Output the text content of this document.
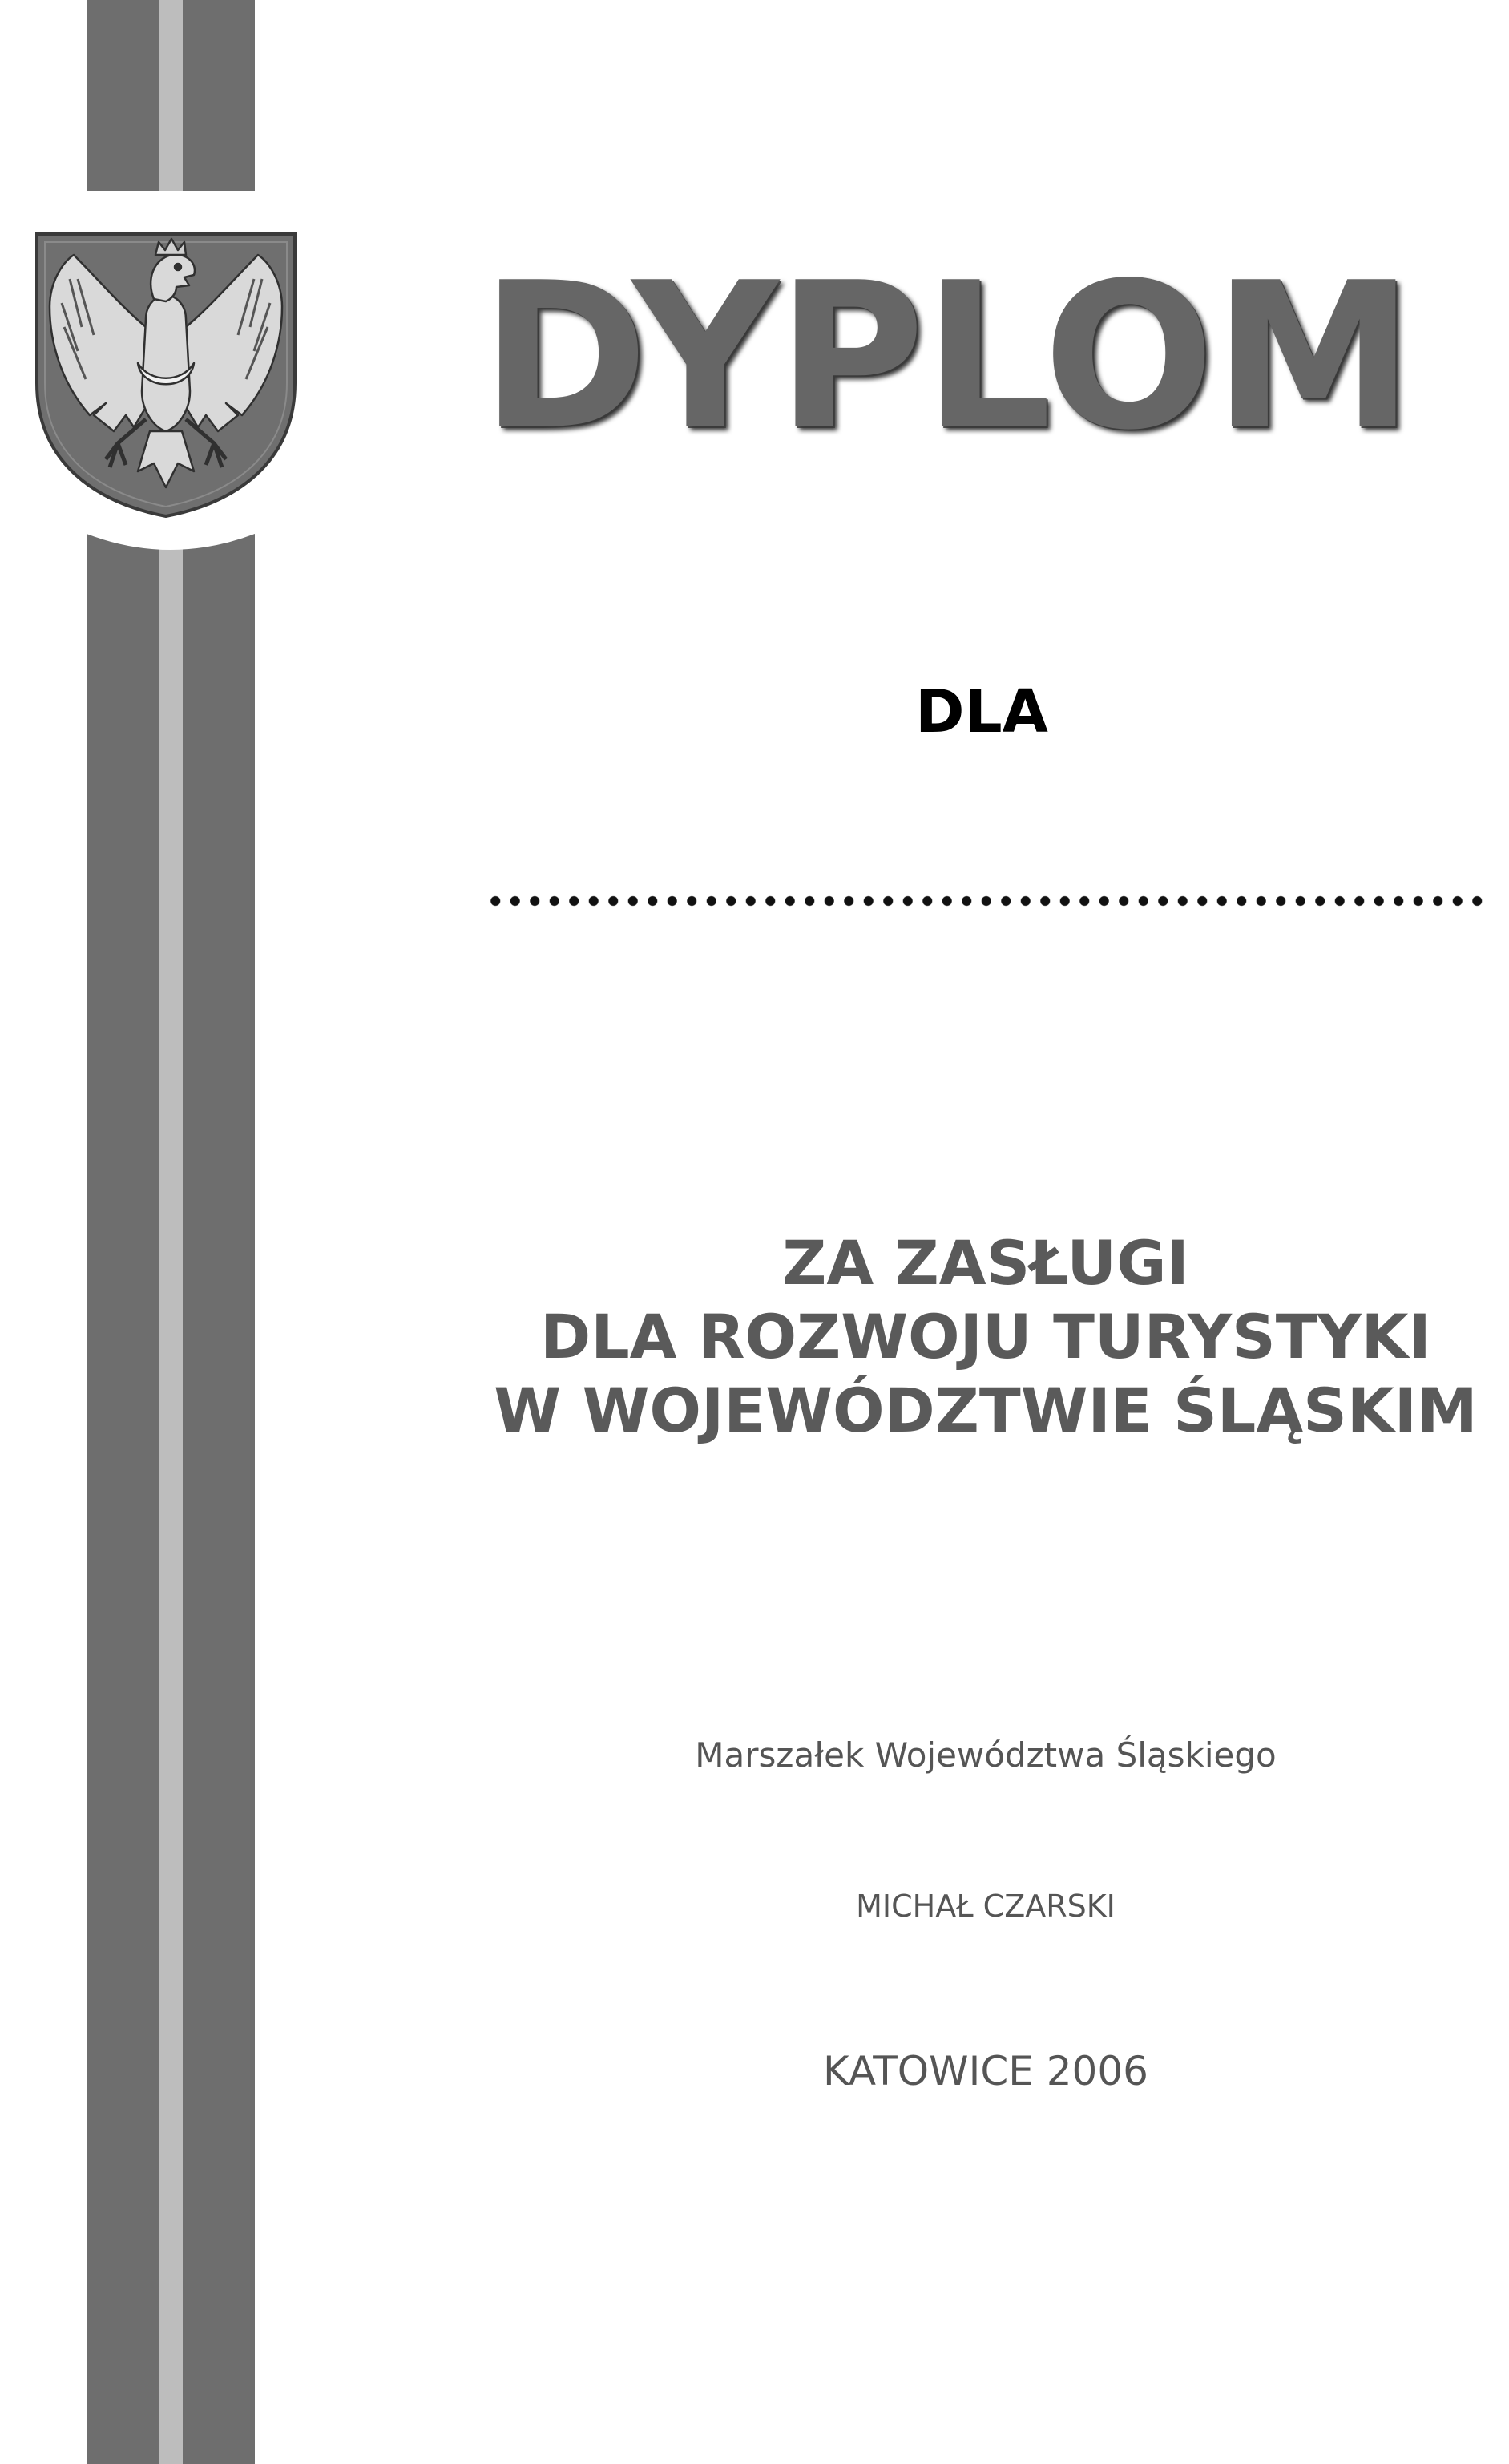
DYPLOM
DLA
ZA ZASŁUGI
DLA ROZWOJU TURYSTYKI
W WOJEWÓDZTWIE ŚLĄSKIM
Marszałek Województwa Śląskiego
MICHAŁ CZARSKI
KATOWICE 2006
